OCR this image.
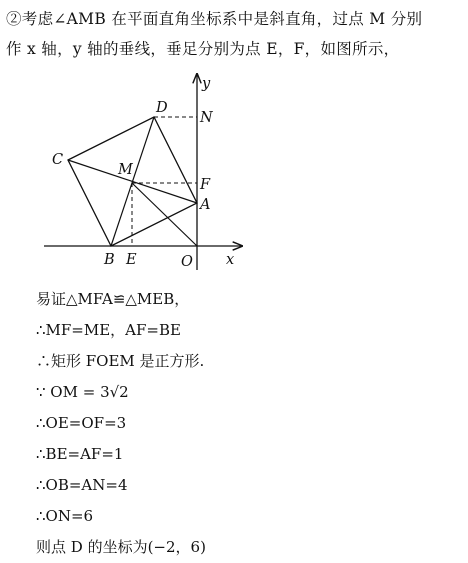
②考虑∠AMB 在平面直角坐标系中是斜直角，过点 M 分别
作 x 轴，y 轴的垂线，垂足分别为点 E，F，如图所示，
y
x
D
N
C
M
F
A
B E	O
易证△MFA≌△MEB，
∴MF=ME，AF=BE
∴矩形 FOEM 是正方形.
∵ OM = 3√2
∴OE=OF=3
∴BE=AF=1
∴OB=AN=4
∴ON=6
则点 D 的坐标为(−2，6)
